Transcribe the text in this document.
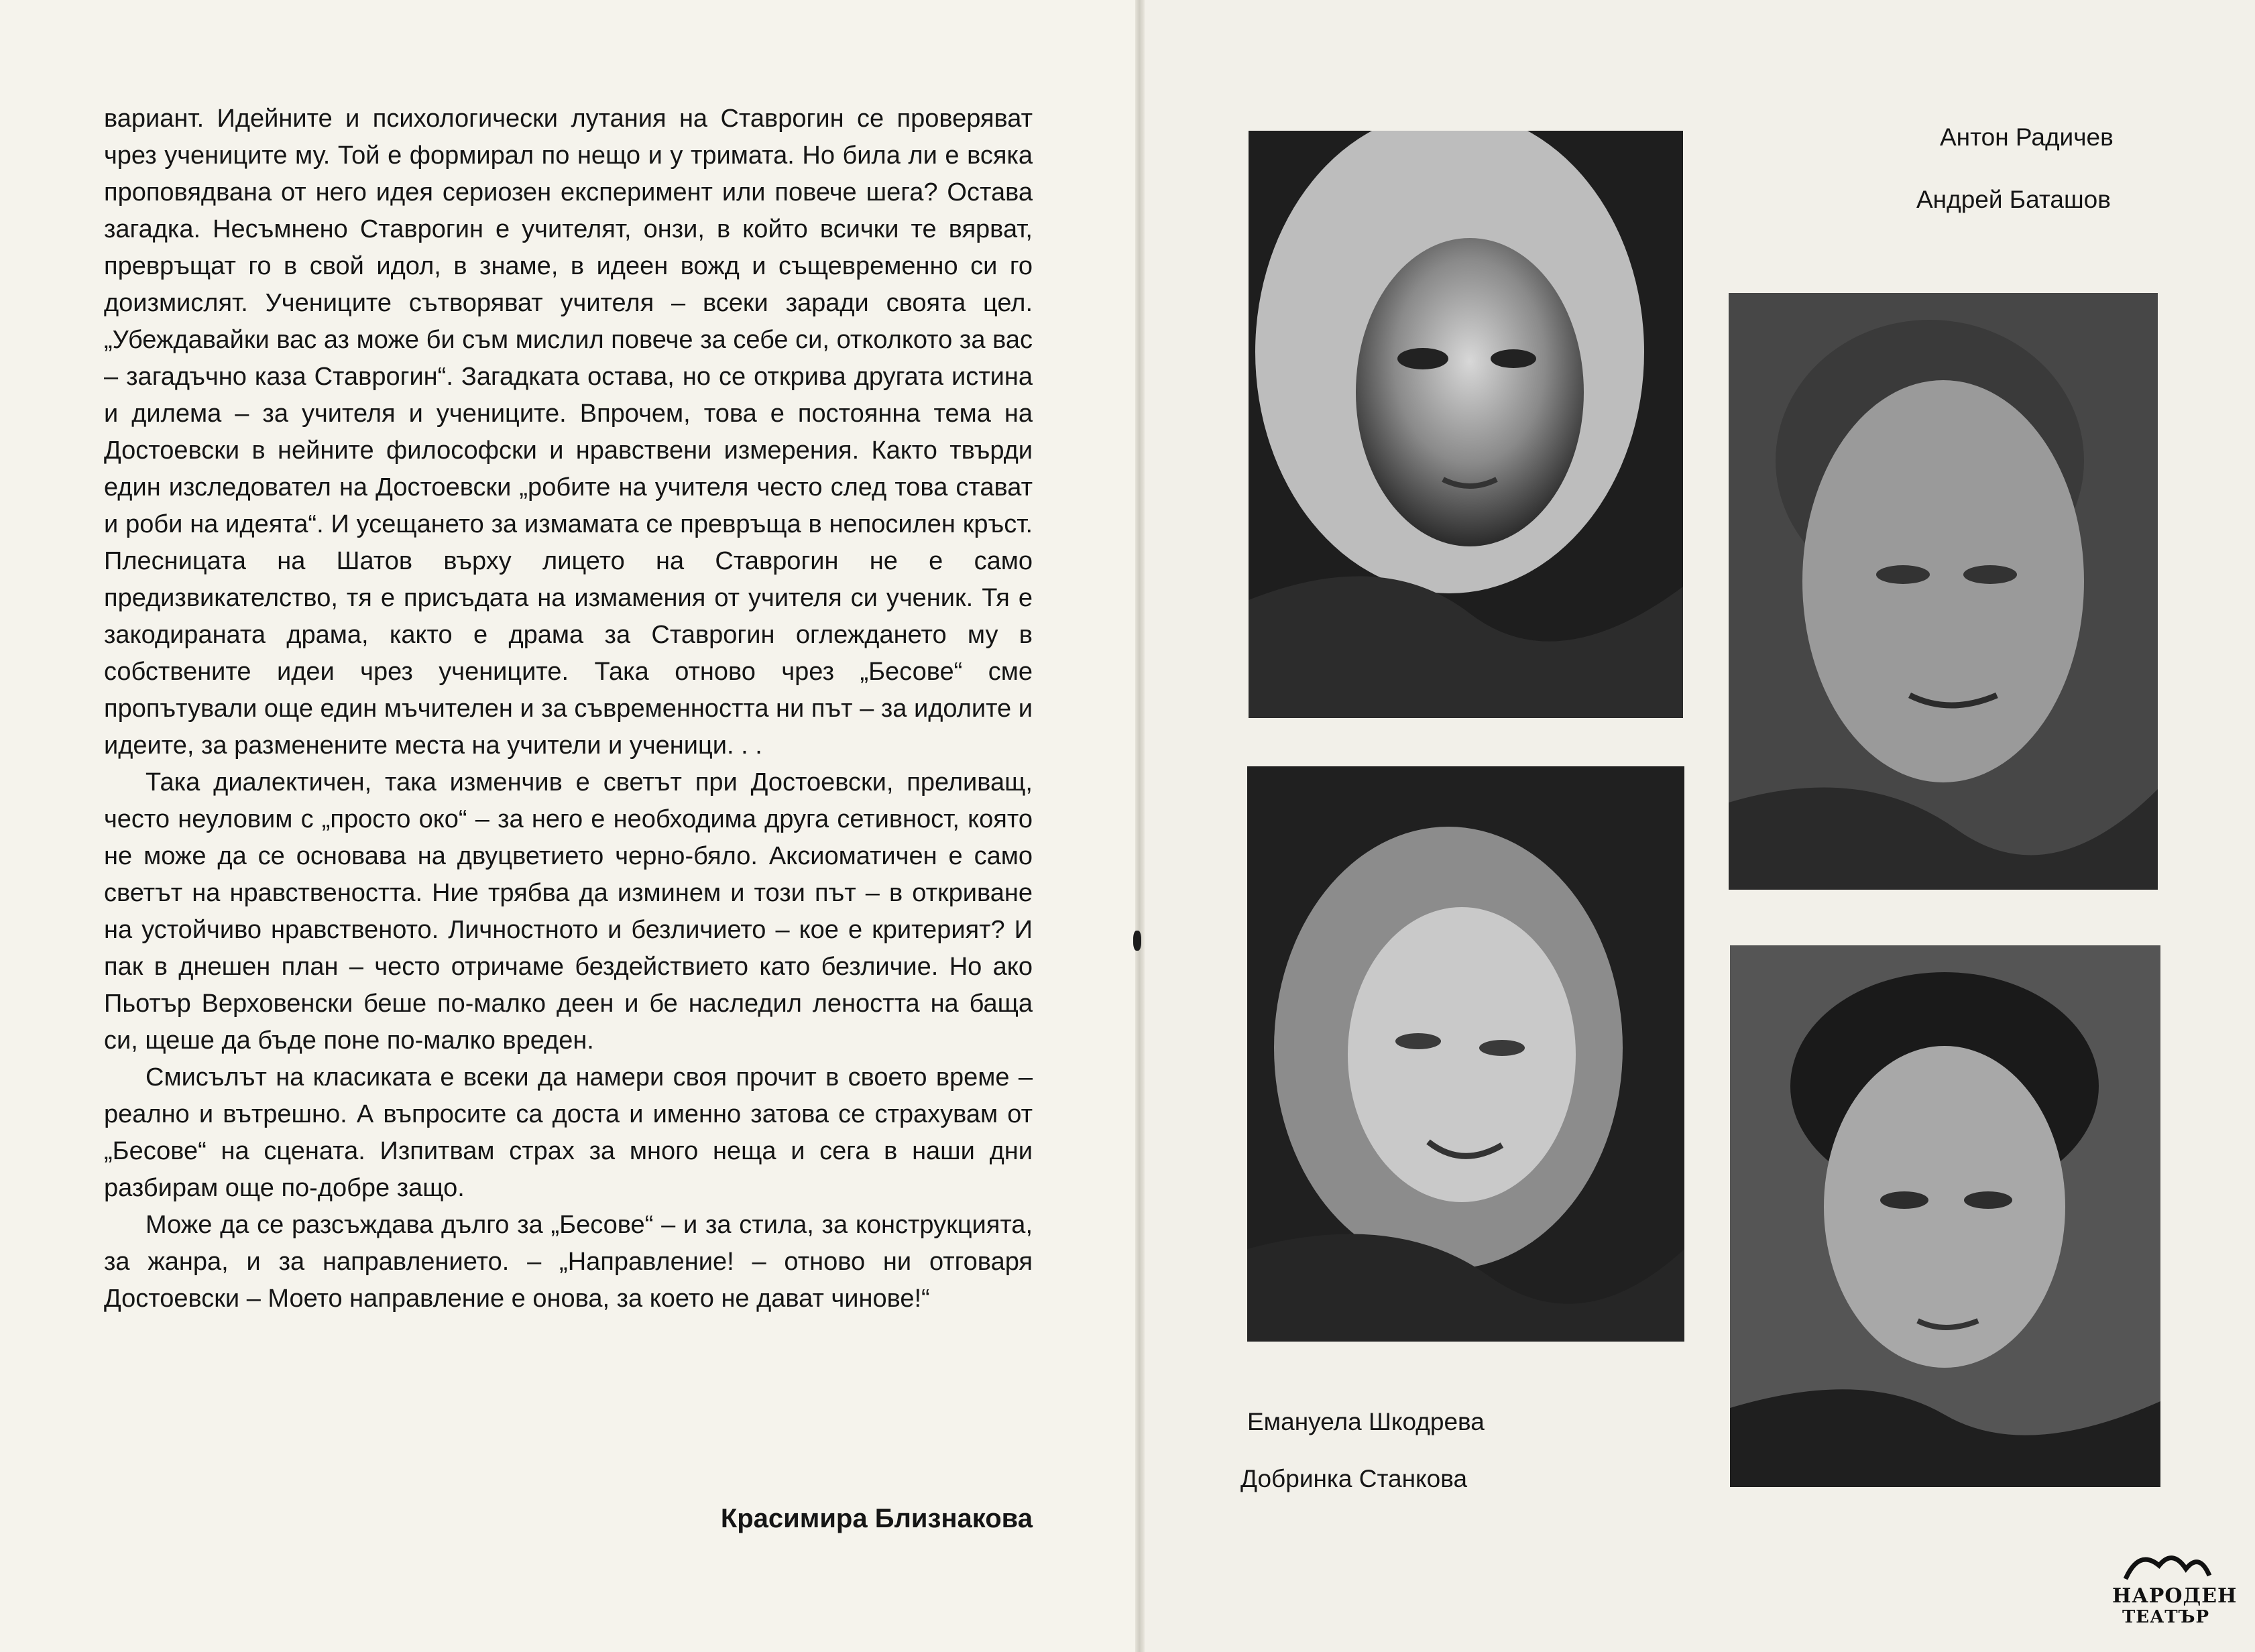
вариант. Идейните и психологически лутания на Ставрогин се проверяват чрез учениците му. Той е формирал по нещо и у тримата. Но била ли е всяка проповядвана от него идея сериозен експеримент или повече шега? Остава загадка. Несъмнено Ставрогин е учителят, онзи, в който всички те вярват, превръщат го в свой идол, в знаме, в идеен вожд и същевременно си го доизмислят. Учениците сътворяват учителя – всеки заради своята цел. „Убеждавайки вас аз може би съм мислил повече за себе си, отколкото за вас – загадъчно каза Ставрогин“. Загадката остава, но се открива другата истина и дилема – за учителя и учениците. Впрочем, това е постоянна тема на Достоевски в нейните философски и нравствени измерения. Както твърди един изследовател на Достоевски „робите на учителя често след това стават и роби на идеята“. И усещането за измамата се превръща в непосилен кръст. Плесницата на Шатов върху лицето на Ставрогин не е само предизвикателство, тя е присъдата на измамения от учителя си ученик. Тя е закодираната драма, както е драма за Ставрогин оглеждането му в собствените идеи чрез учениците. Така отново чрез „Бесове“ сме пропътували още един мъчителен и за съвременността ни път – за идолите и идеите, за разменените места на учители и ученици. . .

Така диалектичен, така изменчив е светът при Достоевски, преливащ, често неуловим с „просто око“ – за него е необходима друга сетивност, която не може да се основава на двуцветието черно-бяло. Аксиоматичен е само светът на нравствеността. Ние трябва да изминем и този път – в откриване на устойчиво нравственото. Личностното и безличието – кое е критерият? И пак в днешен план – често отричаме бездействието като безличие. Но ако Пьотър Верховенски беше по-малко деен и бе наследил леността на баща си, щеше да бъде поне по-малко вреден.

Смисълът на класиката е всеки да намери своя прочит в своето време – реално и вътрешно. А въпросите са доста и именно затова се страхувам от „Бесове“ на сцената. Изпитвам страх за много неща и сега в наши дни разбирам още по-добре защо.

Може да се разсъждава дълго за „Бесове“ – и за стила, за конструкцията, за жанра, и за направлението. – „Направление! – отново ни отговаря Достоевски – Моето направление е онова, за което не дават чинове!“

Красимира Близнакова
Антон Радичев
Андрей Баташов
Емануела Шкодрева
Добринка Станкова
НАРОДЕН
ТЕАТЪР
